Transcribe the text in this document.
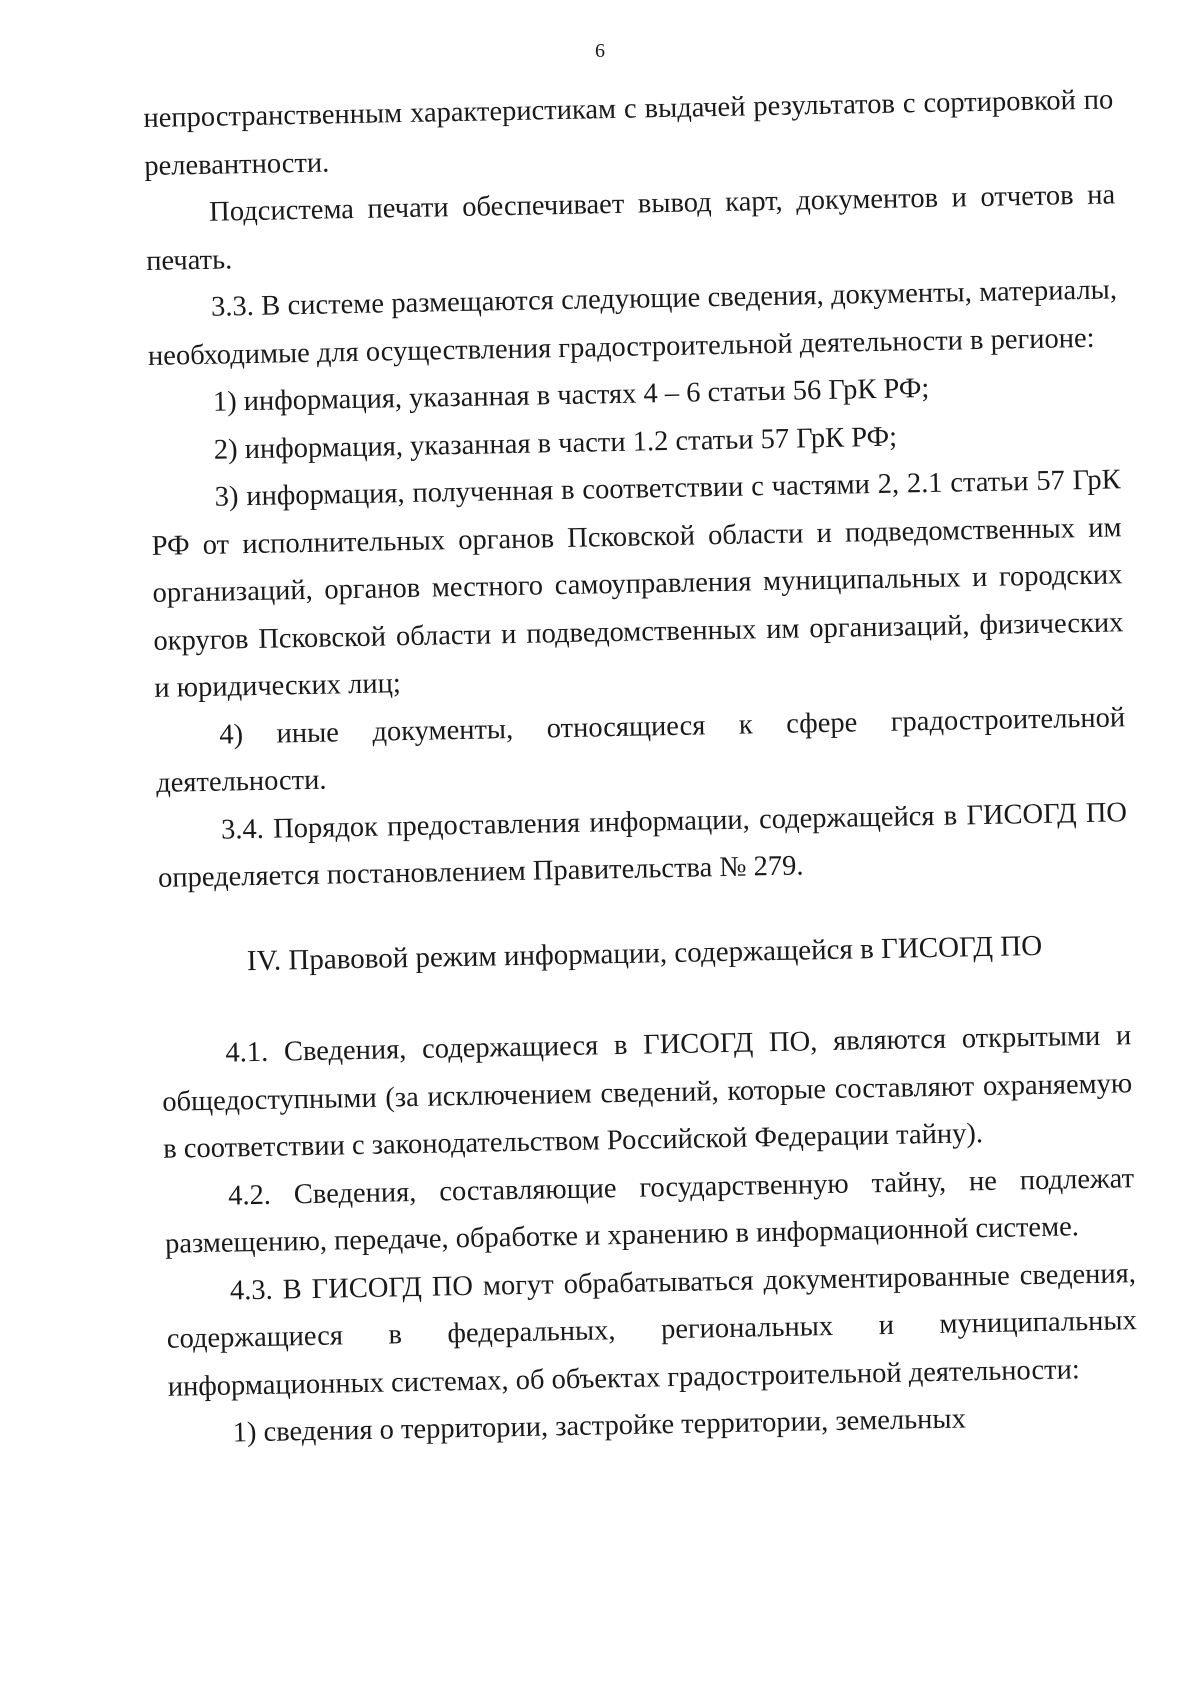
6

непространственным характеристикам с выдачей результатов с сортировкой по релевантности.

Подсистема печати обеспечивает вывод карт, документов и отчетов на печать.

3.3. В системе размещаются следующие сведения, документы, материалы, необходимые для осуществления градостроительной деятельности в регионе:

1) информация, указанная в частях 4 – 6 статьи 56 ГрК РФ;

2) информация, указанная в части 1.2 статьи 57 ГрК РФ;

3) информация, полученная в соответствии с частями 2, 2.1 статьи 57 ГрК РФ от исполнительных органов Псковской области и подведомственных им организаций, органов местного самоуправления муниципальных и городских округов Псковской области и подведомственных им организаций, физических и юридических лиц;

4) иные документы, относящиеся к сфере градостроительной деятельности.

3.4. Порядок предоставления информации, содержащейся в ГИСОГД ПО определяется постановлением Правительства № 279.

IV. Правовой режим информации, содержащейся в ГИСОГД ПО

4.1. Сведения, содержащиеся в ГИСОГД ПО, являются открытыми и общедоступными (за исключением сведений, которые составляют охраняемую в соответствии с законодательством Российской Федерации тайну).

4.2. Сведения, составляющие государственную тайну, не подлежат размещению, передаче, обработке и хранению в информационной системе.

4.3. В ГИСОГД ПО могут обрабатываться документированные сведения, содержащиеся в федеральных, региональных и муниципальных информационных системах, об объектах градостроительной деятельности:

1) сведения о территории, застройке территории, земельных
